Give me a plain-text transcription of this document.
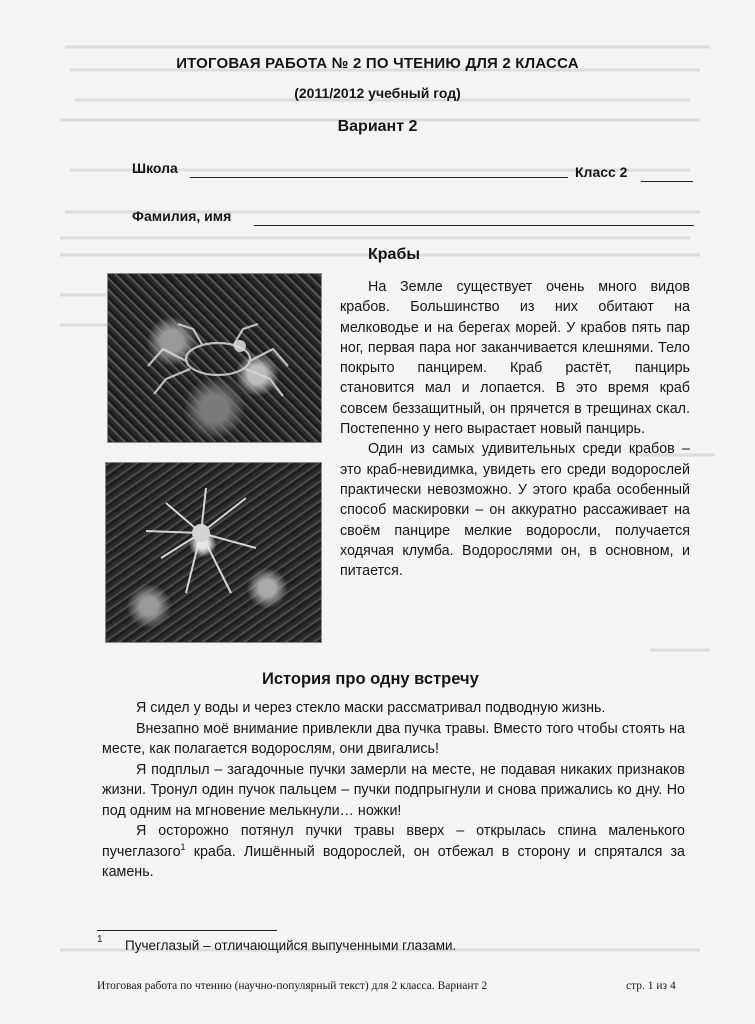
ИТОГОВАЯ РАБОТА № 2 ПО ЧТЕНИЮ ДЛЯ 2 КЛАССА
(2011/2012 учебный год)
Вариант 2
Школа	Класс 2
Фамилия, имя
Крабы

На Земле существует очень много видов крабов. Большинство из них обитают на мелководье и на берегах морей. У крабов пять пар ног, первая пара ног заканчивается клешнями. Тело покрыто панцирем. Краб растёт, панцирь становится мал и лопается. В это время краб совсем беззащитный, он прячется в трещинах скал. Постепенно у него вырастает новый панцирь.

Один из самых удивительных среди крабов – это краб-невидимка, увидеть его среди водорослей практически невозможно. У этого краба особенный способ маскировки – он аккуратно рассаживает на своём панцире мелкие водоросли, получается ходячая клумба. Водорослями он, в основном, и питается.

История про одну встречу

Я сидел у воды и через стекло маски рассматривал подводную жизнь.

Внезапно моё внимание привлекли два пучка травы. Вместо того чтобы стоять на месте, как полагается водорослям, они двигались!

Я подплыл – загадочные пучки замерли на месте, не подавая никаких признаков жизни. Тронул один пучок пальцем – пучки подпрыгнули и снова прижались ко дну. Но под одним на мгновение мелькнули… ножки!

Я осторожно потянул пучки травы вверх – открылась спина маленького пучеглазого$^1$ краба. Лишённый водорослей, он отбежал в сторону и спрятался за камень.

1 Пучеглазый – отличающийся выпученными глазами.
Итоговая работа по чтению (научно-популярный текст) для 2 класса. Вариант 2	стр. 1 из 4
